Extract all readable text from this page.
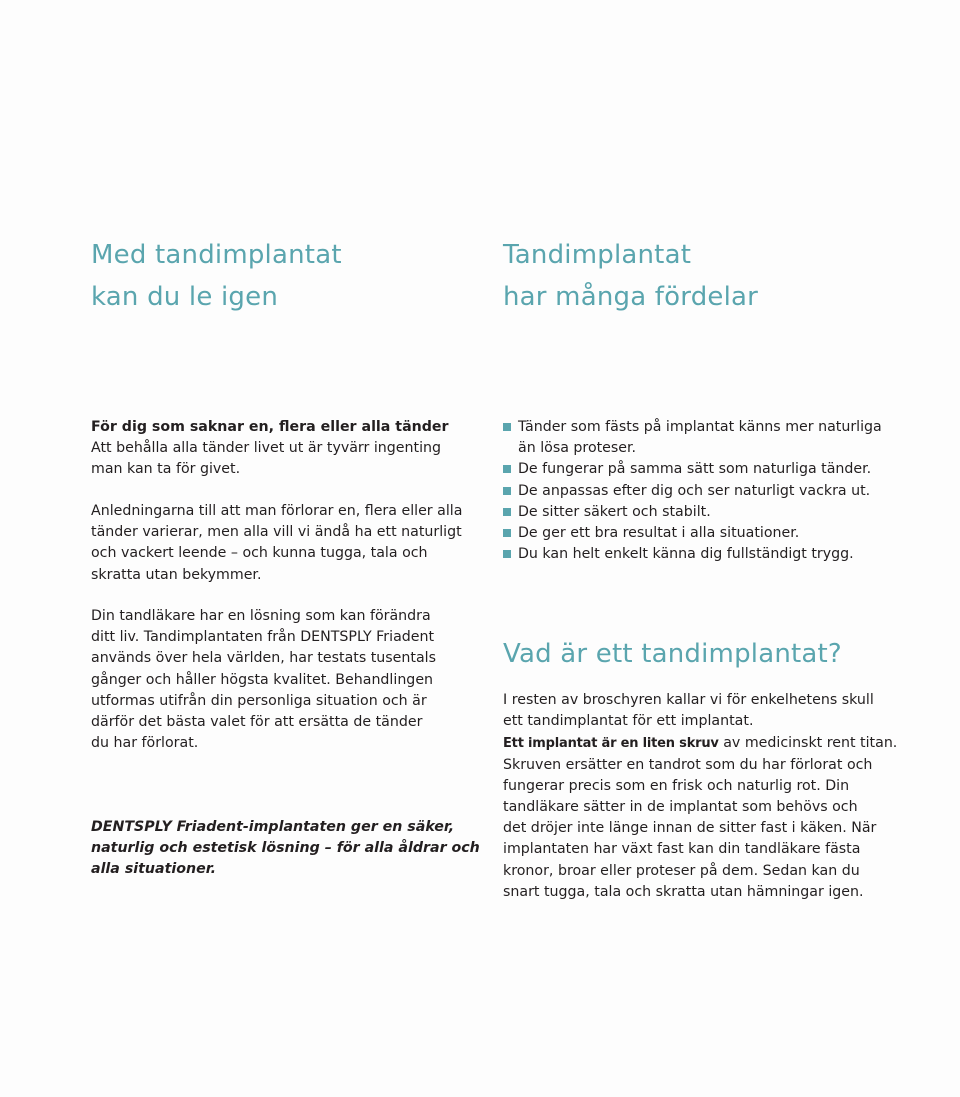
Med tandimplantat
kan du le igen
Tandimplantat
har många fördelar
För dig som saknar en, flera eller alla tänder
Att behålla alla tänder livet ut är tyvärr ingenting
man kan ta för givet.
Anledningarna till att man förlorar en, flera eller alla
tänder varierar, men alla vill vi ändå ha ett naturligt
och vackert leende – och kunna tugga, tala och
skratta utan bekymmer.
Din tandläkare har en lösning som kan förändra
ditt liv. Tandimplantaten från DENTSPLY Friadent
används över hela världen, har testats tusentals
gånger och håller högsta kvalitet. Behandlingen
utformas utifrån din personliga situation och är
därför det bästa valet för att ersätta de tänder
du har förlorat.
DENTSPLY Friadent-implantaten ger en säker,
naturlig och estetisk lösning – för alla åldrar och
alla situationer.
Tänder som fästs på implantat känns mer naturliga
än lösa proteser.
De fungerar på samma sätt som naturliga tänder.
De anpassas efter dig och ser naturligt vackra ut.
De sitter säkert och stabilt.
De ger ett bra resultat i alla situationer.
Du kan helt enkelt känna dig fullständigt trygg.
Vad är ett tandimplantat?
I resten av broschyren kallar vi för enkelhetens skull
ett tandimplantat för ett implantat.
Ett implantat är en liten skruv av medicinskt rent titan.
Skruven ersätter en tandrot som du har förlorat och
fungerar precis som en frisk och naturlig rot. Din
tandläkare sätter in de implantat som behövs och
det dröjer inte länge innan de sitter fast i käken. När
implantaten har växt fast kan din tandläkare fästa
kronor, broar eller proteser på dem. Sedan kan du
snart tugga, tala och skratta utan hämningar igen.
